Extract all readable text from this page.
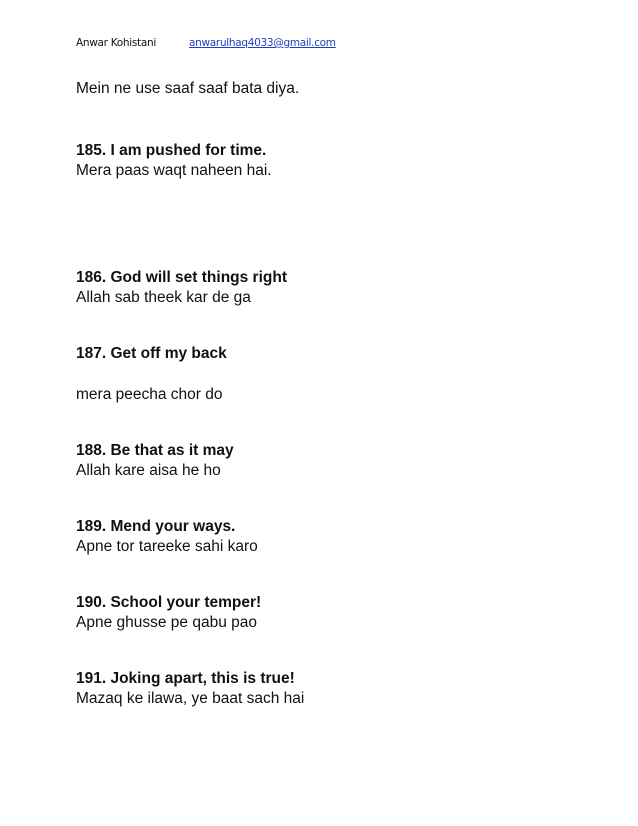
Anwar Kohistani	anwarulhaq4033@gmail.com

Mein ne use saaf saaf bata diya.

185. I am pushed for time.

Mera paas waqt naheen hai.

186. God will set things right

Allah sab theek kar de ga

187. Get off my back

mera peecha chor do

188. Be that as it may

Allah kare aisa he ho

189. Mend your ways.

Apne tor tareeke sahi karo

190. School your temper!

Apne ghusse pe qabu pao

191. Joking apart, this is true!

Mazaq ke ilawa, ye baat sach hai
